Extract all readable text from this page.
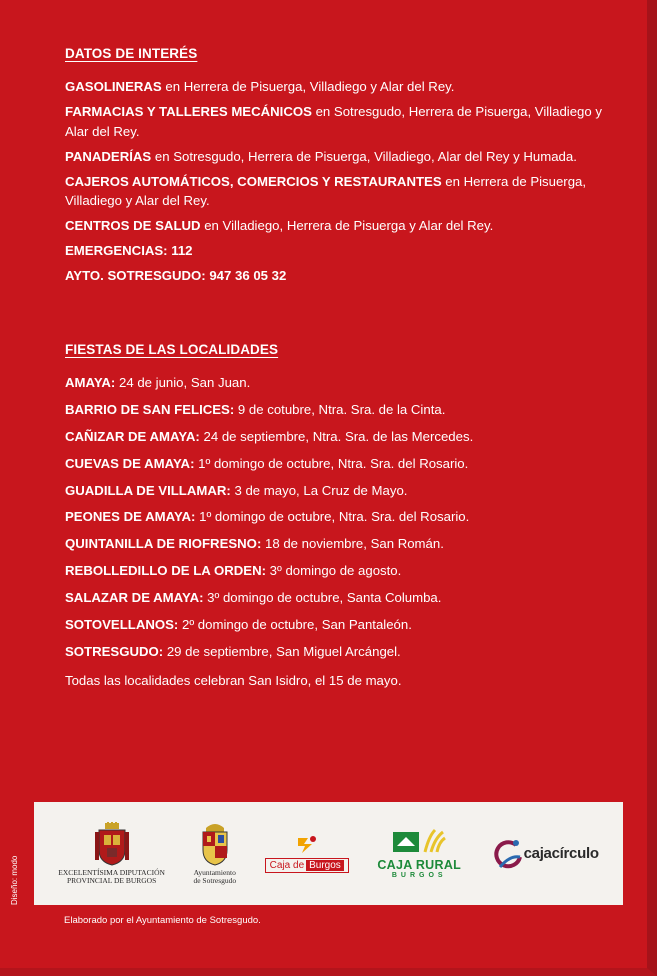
DATOS DE INTERÉS
GASOLINERAS en Herrera de Pisuerga, Villadiego y Alar del Rey.
FARMACIAS Y TALLERES MECÁNICOS en Sotresgudo, Herrera de Pisuerga, Villadiego y Alar del Rey.
PANADERÍAS en Sotresgudo, Herrera de Pisuerga, Villadiego, Alar del Rey y Humada.
CAJEROS AUTOMÁTICOS, COMERCIOS Y RESTAURANTES en Herrera de Pisuerga, Villadiego y Alar del Rey.
CENTROS DE SALUD en Villadiego, Herrera de Pisuerga y Alar del Rey.
EMERGENCIAS: 112
AYTO. SOTRESGUDO: 947 36 05 32
FIESTAS DE LAS LOCALIDADES
AMAYA: 24 de junio, San Juan.
BARRIO DE SAN FELICES: 9 de cotubre, Ntra. Sra. de la Cinta.
CAÑIZAR DE AMAYA: 24 de septiembre, Ntra. Sra. de las Mercedes.
CUEVAS DE AMAYA: 1º domingo de octubre, Ntra. Sra. del Rosario.
GUADILLA DE VILLAMAR: 3 de mayo, La Cruz de Mayo.
PEONES DE AMAYA: 1º domingo de octubre, Ntra. Sra. del Rosario.
QUINTANILLA DE RIOFRESNO: 18 de noviembre, San Román.
REBOLLEDILLO DE LA ORDEN: 3º domingo de agosto.
SALAZAR DE AMAYA: 3º domingo de octubre, Santa Columba.
SOTOVELLANOS: 2º domingo de octubre, San Pantaleón.
SOTRESGUDO: 29 de septiembre, San Miguel Arcángel.
Todas las localidades celebran San Isidro, el 15 de mayo.
EXCELENTÍSIMA DIPUTACIÓN
PROVINCIAL DE BURGOS
Ayuntamiento
de Sotresgudo
Caja de Burgos	CAJA RURAL
BURGOS
cajacírculo
Diseño: modo
Elaborado por el Ayuntamiento de Sotresgudo.
